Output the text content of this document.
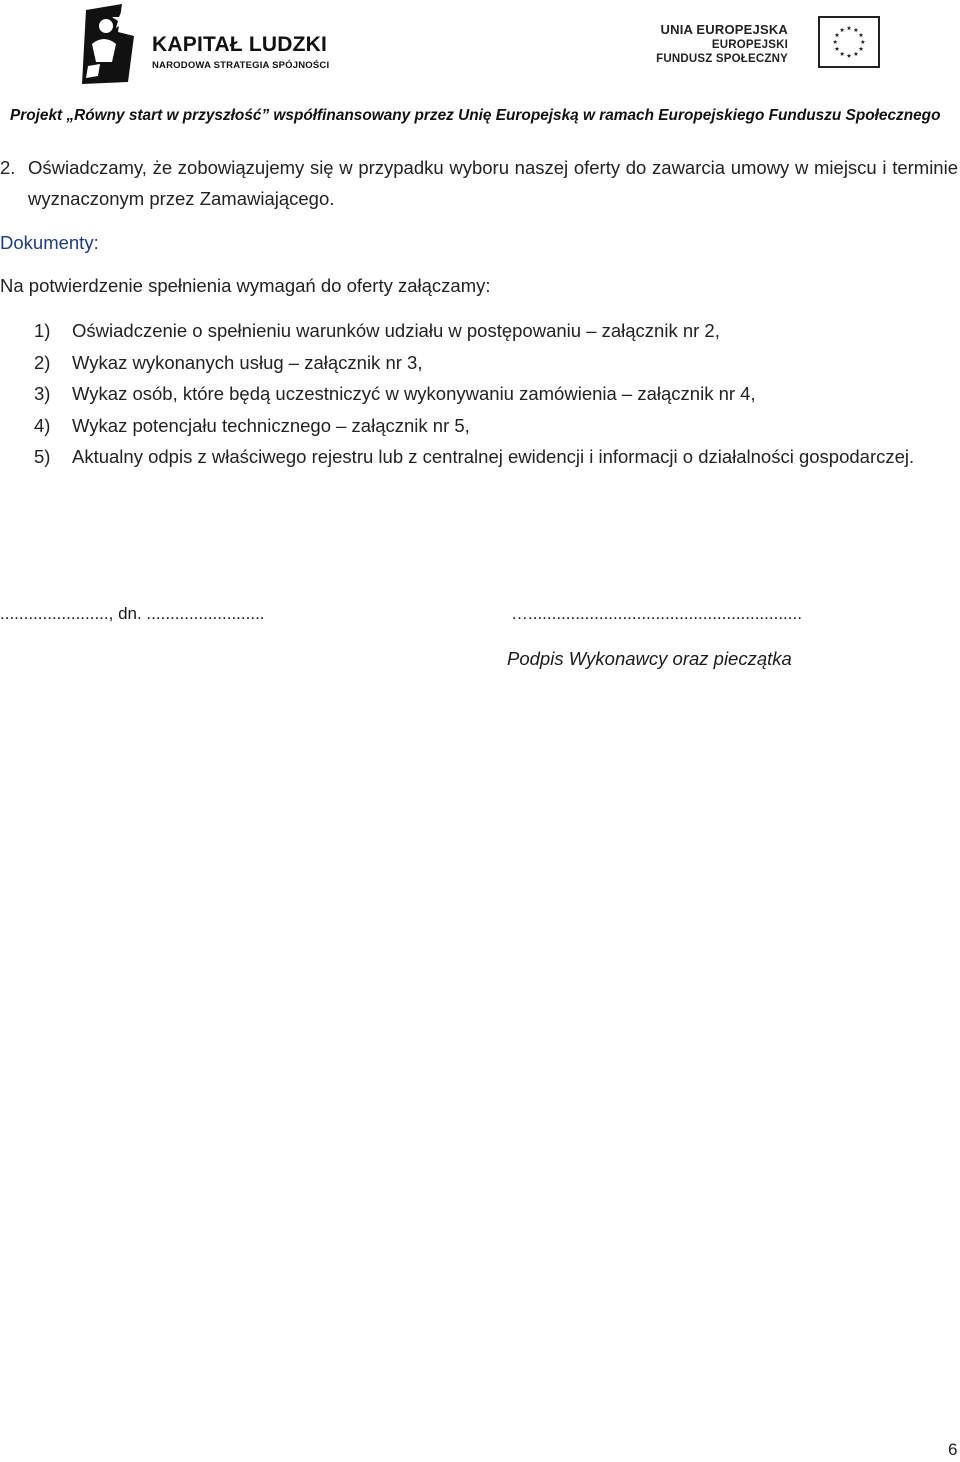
KAPITAŁ LUDZKI
NARODOWA STRATEGIA SPÓJNOŚCI
UNIA EUROPEJSKA
EUROPEJSKI
FUNDUSZ SPOŁECZNY
Projekt „Równy start w przyszłość” współfinansowany przez Unię Europejską w ramach Europejskiego Funduszu Społecznego
2. Oświadczamy, że zobowiązujemy się w przypadku wyboru naszej oferty do zawarcia umowy w miejscu i terminie wyznaczonym przez Zamawiającego.
Dokumenty:
Na potwierdzenie spełnienia wymagań do oferty załączamy:
1) Oświadczenie o spełnieniu warunków udziału w postępowaniu – załącznik nr 2,
2) Wykaz wykonanych usług – załącznik nr 3,
3) Wykaz osób, które będą uczestniczyć w wykonywaniu zamówienia – załącznik nr 4,
4) Wykaz potencjału technicznego – załącznik nr 5,
5) Aktualny odpis z właściwego rejestru lub z centralnej ewidencji i informacji o działalności gospodarczej.
......................., dn. .........................	…..........................................................
Podpis Wykonawcy oraz pieczątka
6
